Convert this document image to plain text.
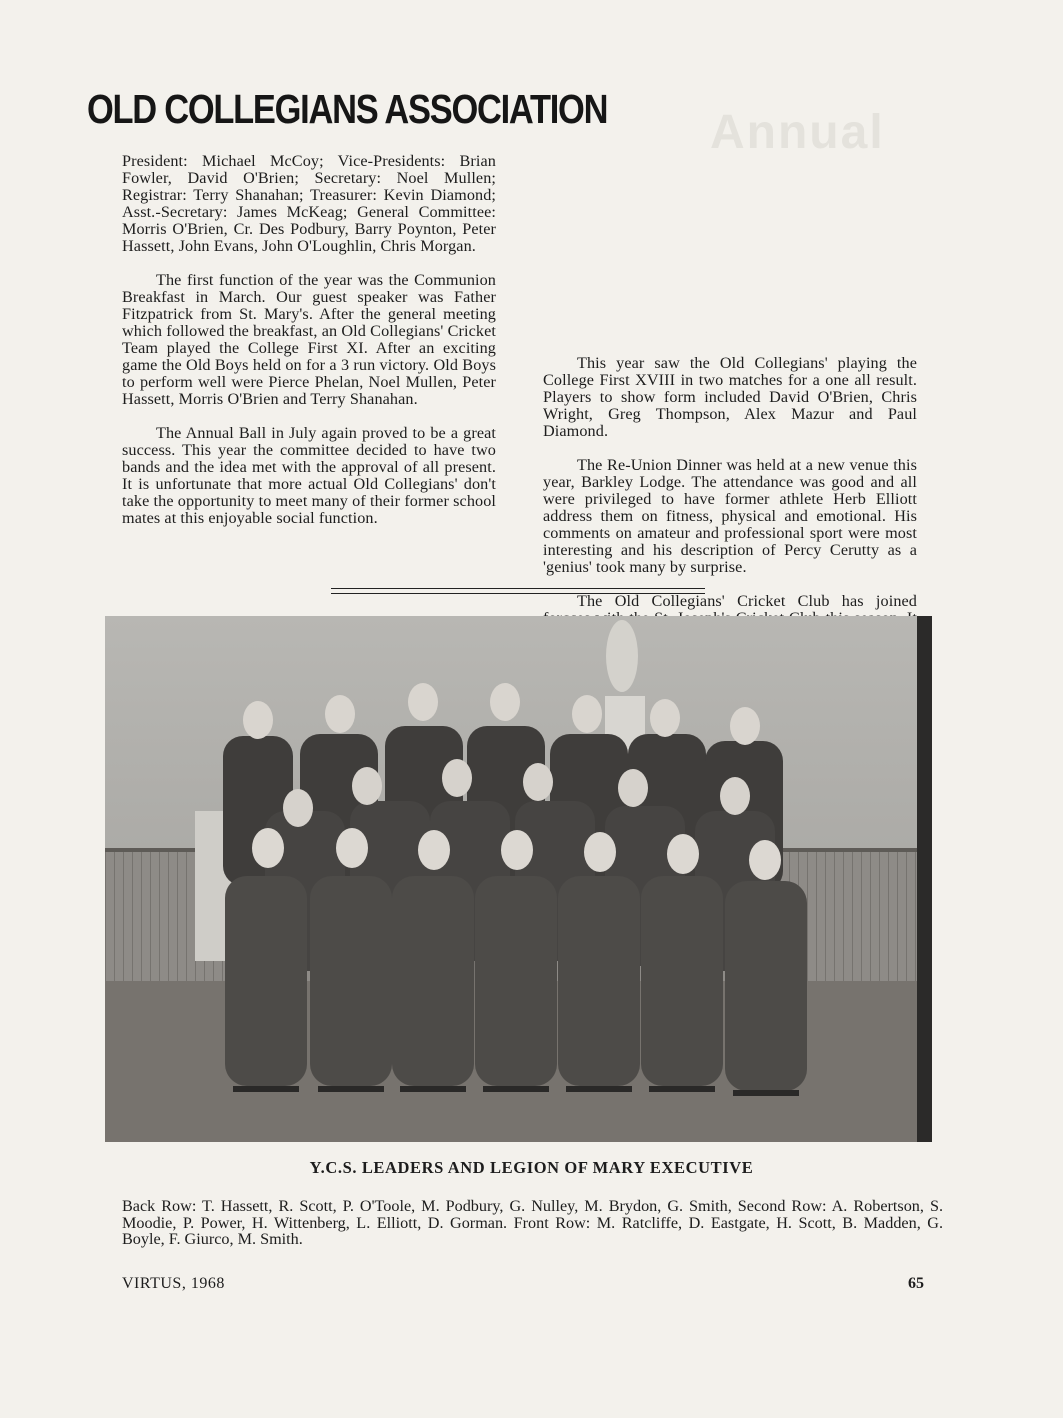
Annual
OLD COLLEGIANS ASSOCIATION

President: Michael McCoy; Vice-Presidents: Brian Fowler, David O'Brien; Secretary: Noel Mullen; Registrar: Terry Shanahan; Treasurer: Kevin Diamond; Asst.-Secretary: James McKeag; General Committee: Morris O'Brien, Cr. Des Podbury, Barry Poynton, Peter Hassett, John Evans, John O'Loughlin, Chris Morgan.

The first function of the year was the Communion Breakfast in March. Our guest speaker was Father Fitzpatrick from St. Mary's. After the general meeting which followed the breakfast, an Old Collegians' Cricket Team played the College First XI. After an exciting game the Old Boys held on for a 3 run victory. Old Boys to perform well were Pierce Phelan, Noel Mullen, Peter Hassett, Morris O'Brien and Terry Shanahan.

The Annual Ball in July again proved to be a great success. This year the committee decided to have two bands and the idea met with the approval of all present. It is unfortunate that more actual Old Collegians' don't take the opportunity to meet many of their former school mates at this enjoyable social function.

This year saw the Old Collegians' playing the College First XVIII in two matches for a one all result. Players to show form included David O'Brien, Chris Wright, Greg Thompson, Alex Mazur and Paul Diamond.

The Re-Union Dinner was held at a new venue this year, Barkley Lodge. The attendance was good and all were privileged to have former athlete Herb Elliott address them on fitness, physical and emotional. His comments on amateur and professional sport were most interesting and his description of Percy Cerutty as a 'genius' took many by surprise.

The Old Collegians' Cricket Club has joined

Y.C.S. LEADERS AND LEGION OF MARY EXECUTIVE

Back Row: T. Hassett, R. Scott, P. O'Toole, M. Podbury, G. Nulley, M. Brydon, G. Smith, Second Row: A. Robertson, S. Moodie, P. Power, H. Wittenberg, L. Elliott, D. Gorman. Front Row: M. Ratcliffe, D. Eastgate, H. Scott, B. Madden, G. Boyle, F. Giurco, M. Smith.

VIRTUS, 1968	65
